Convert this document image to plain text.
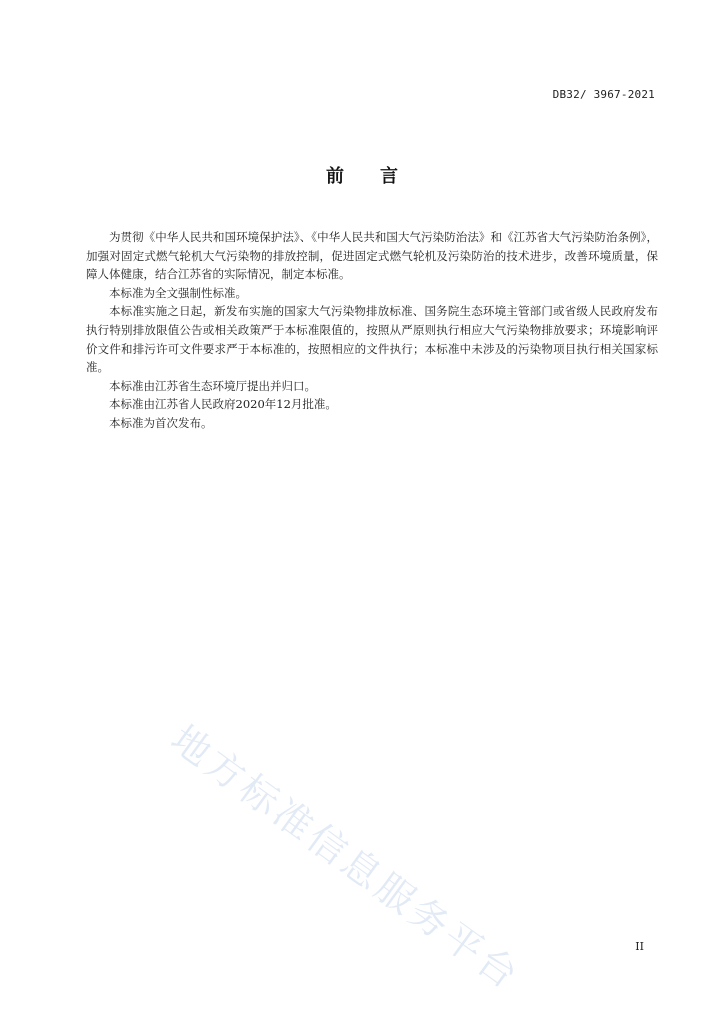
DB32/ 3967-2021
前 言

为贯彻《中华人民共和国环境保护法》、《中华人民共和国大气污染防治法》和《江苏省大气污染防治条例》，加强对固定式燃气轮机大气污染物的排放控制，促进固定式燃气轮机及污染防治的技术进步，改善环境质量，保障人体健康，结合江苏省的实际情况，制定本标准。

本标准为全文强制性标准。

本标准实施之日起，新发布实施的国家大气污染物排放标准、国务院生态环境主管部门或省级人民政府发布执行特别排放限值公告或相关政策严于本标准限值的，按照从严原则执行相应大气污染物排放要求；环境影响评价文件和排污许可文件要求严于本标准的，按照相应的文件执行；本标准中未涉及的污染物项目执行相关国家标准。

本标准由江苏省生态环境厅提出并归口。

本标准由江苏省人民政府2020年12月批准。

本标准为首次发布。

地方标准信息服务平台	II
